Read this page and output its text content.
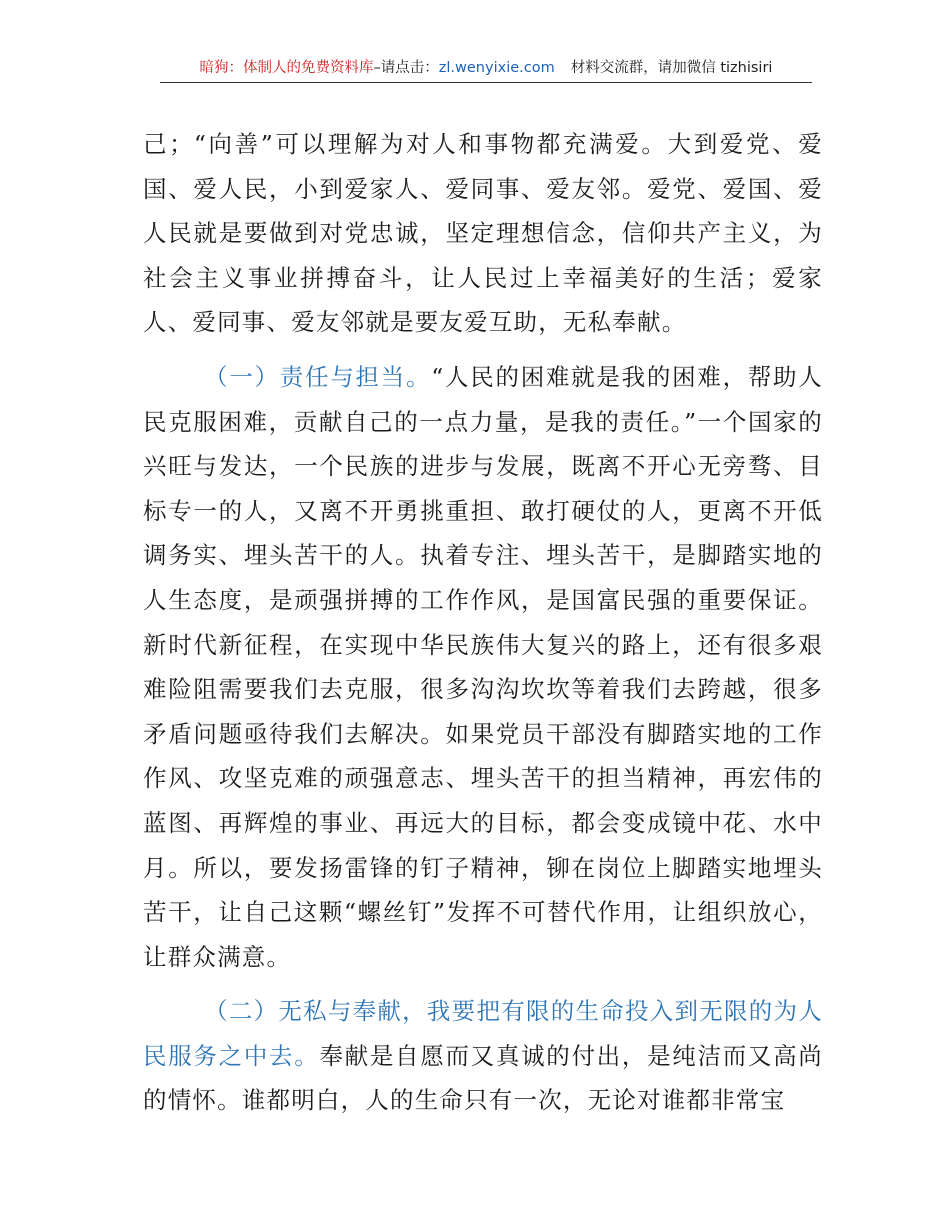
暗狗：体制人的免费资料库–请点击：zl.wenyixie.com 材料交流群，请加微信 tizhisiri

己；“向善”可以理解为对人和事物都充满爱。大到爱党、爱国、爱人民，小到爱家人、爱同事、爱友邻。爱党、爱国、爱人民就是要做到对党忠诚，坚定理想信念，信仰共产主义，为社会主义事业拼搏奋斗，让人民过上幸福美好的生活；爱家人、爱同事、爱友邻就是要友爱互助，无私奉献。

（一）责任与担当。“人民的困难就是我的困难，帮助人民克服困难，贡献自己的一点力量，是我的责任。”一个国家的兴旺与发达，一个民族的进步与发展，既离不开心无旁骛、目标专一的人，又离不开勇挑重担、敢打硬仗的人，更离不开低调务实、埋头苦干的人。执着专注、埋头苦干，是脚踏实地的人生态度，是顽强拼搏的工作作风，是国富民强的重要保证。新时代新征程，在实现中华民族伟大复兴的路上，还有很多艰难险阻需要我们去克服，很多沟沟坎坎等着我们去跨越，很多矛盾问题亟待我们去解决。如果党员干部没有脚踏实地的工作作风、攻坚克难的顽强意志、埋头苦干的担当精神，再宏伟的蓝图、再辉煌的事业、再远大的目标，都会变成镜中花、水中月。所以，要发扬雷锋的钉子精神，铆在岗位上脚踏实地埋头苦干，让自己这颗“螺丝钉”发挥不可替代作用，让组织放心，让群众满意。

（二）无私与奉献，我要把有限的生命投入到无限的为人民服务之中去。奉献是自愿而又真诚的付出，是纯洁而又高尚的情怀。谁都明白，人的生命只有一次，无论对谁都非常宝
